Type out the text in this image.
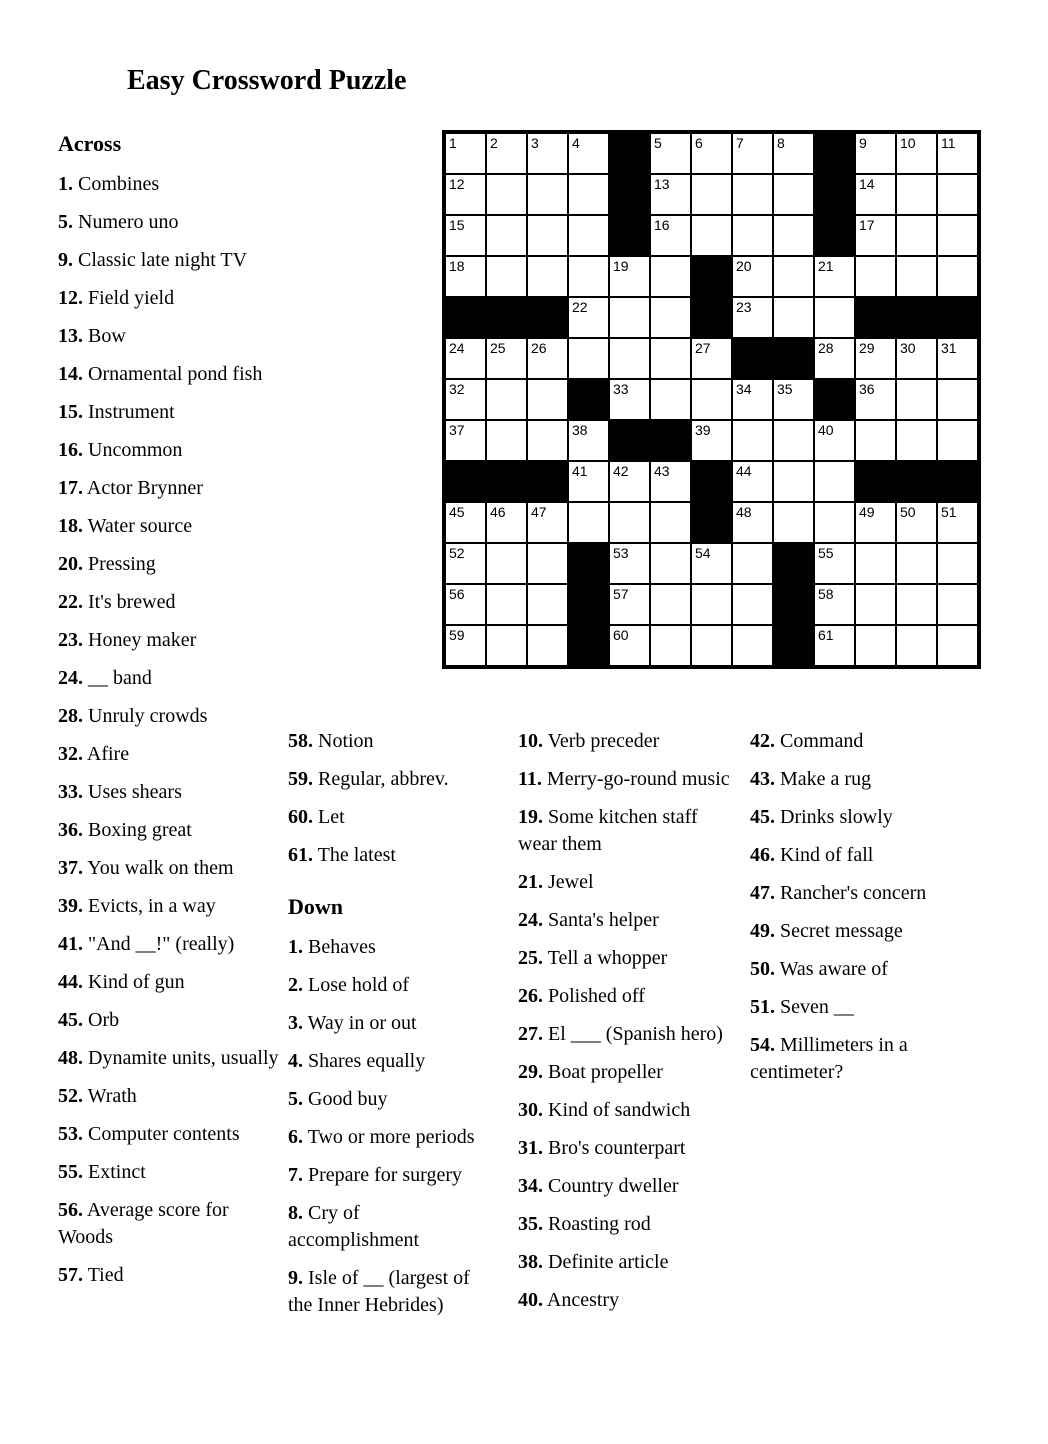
Easy Crossword Puzzle
1 2 3 4	5 6 7 8	9 10 11
12	13	14
15	16	17
18	19	20	21
22	23
24 25 26	27	28 29 30 31
32	33	34 35	36
37	38	39	40
41 42 43	44
45 46 47	48	49 50 51
52	53	54	55
56	57	58
59	60	61
Across
1. Combines
5. Numero uno
9. Classic late night TV
12. Field yield
13. Bow
14. Ornamental pond fish
15. Instrument
16. Uncommon
17. Actor Brynner
18. Water source
20. Pressing
22. It's brewed
23. Honey maker
24. __ band
28. Unruly crowds
32. Afire
33. Uses shears
36. Boxing great
37. You walk on them
39. Evicts, in a way
41. "And __!" (really)
44. Kind of gun
45. Orb
48. Dynamite units, usually
52. Wrath
53. Computer contents
55. Extinct
56. Average score for Woods
57. Tied
58. Notion
59. Regular, abbrev.
60. Let
61. The latest
Down
1. Behaves
2. Lose hold of
3. Way in or out
4. Shares equally
5. Good buy
6. Two or more periods
7. Prepare for surgery
8. Cry of accomplishment
9. Isle of __ (largest of the Inner Hebrides)
10. Verb preceder
11. Merry-go-round music
19. Some kitchen staff wear them
21. Jewel
24. Santa's helper
25. Tell a whopper
26. Polished off
27. El ___ (Spanish hero)
29. Boat propeller
30. Kind of sandwich
31. Bro's counterpart
34. Country dweller
35. Roasting rod
38. Definite article
40. Ancestry
42. Command
43. Make a rug
45. Drinks slowly
46. Kind of fall
47. Rancher's concern
49. Secret message
50. Was aware of
51. Seven __
54. Millimeters in a centimeter?
